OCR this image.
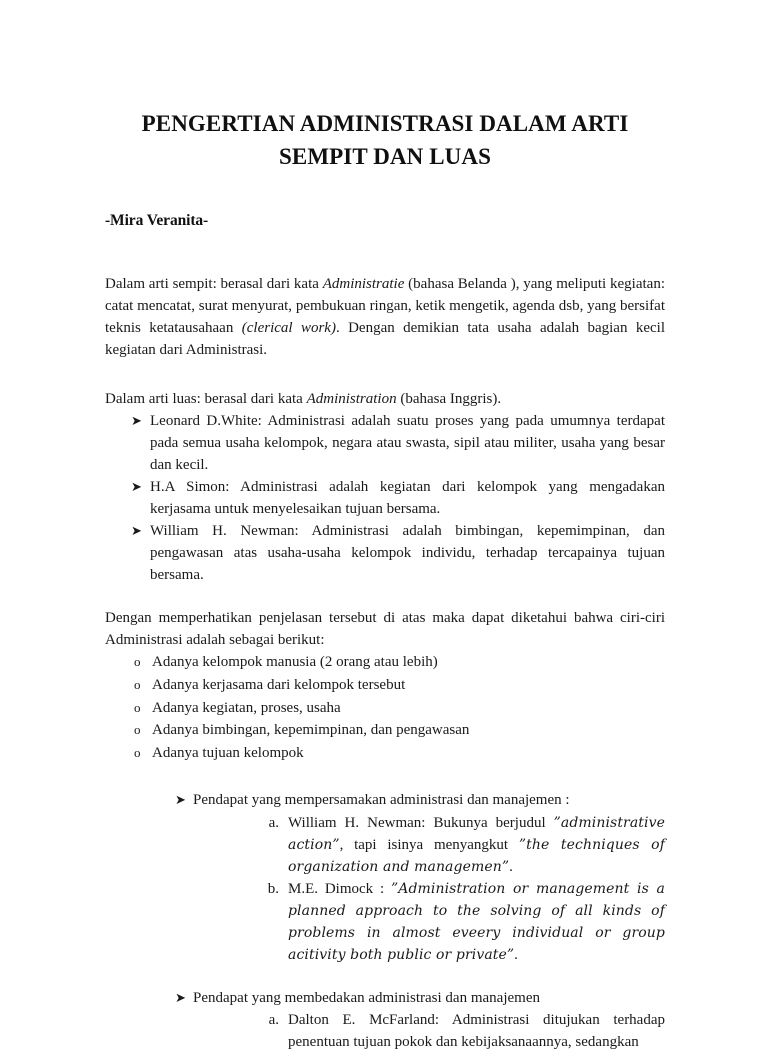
PENGERTIAN ADMINISTRASI DALAM ARTI SEMPIT DAN LUAS

-Mira Veranita-

Dalam arti sempit: berasal dari kata Administratie (bahasa Belanda ), yang meliputi kegiatan: catat mencatat, surat menyurat, pembukuan ringan, ketik mengetik, agenda dsb, yang bersifat teknis ketatausahaan (clerical work). Dengan demikian tata usaha adalah bagian kecil kegiatan dari Administrasi.

Dalam arti luas: berasal dari kata Administration (bahasa Inggris).

➤ Leonard D.White: Administrasi adalah suatu proses yang pada umumnya terdapat pada semua usaha kelompok, negara atau swasta, sipil atau militer, usaha yang besar dan kecil.
➤ H.A Simon: Administrasi adalah kegiatan dari kelompok yang mengadakan kerjasama untuk menyelesaikan tujuan bersama.
➤ William H. Newman: Administrasi adalah bimbingan, kepemimpinan, dan pengawasan atas usaha-usaha kelompok individu, terhadap tercapainya tujuan bersama.

Dengan memperhatikan penjelasan tersebut di atas maka dapat diketahui bahwa ciri-ciri Administrasi adalah sebagai berikut:

o Adanya kelompok manusia (2 orang atau lebih)
o Adanya kerjasama dari kelompok tersebut
o Adanya kegiatan, proses, usaha
o Adanya bimbingan, kepemimpinan, dan pengawasan
o Adanya tujuan kelompok
➤ Pendapat yang mempersamakan administrasi dan manajemen :
a. William H. Newman: Bukunya berjudul ”administrative action”, tapi isinya menyangkut ”the techniques of organization and managemen”.
b. M.E. Dimock : ”Administration or management is a planned approach to the solving of all kinds of problems in almost eveery individual or group acitivity both public or private”.
➤ Pendapat yang membedakan administrasi dan manajemen
a. Dalton E. McFarland: Administrasi ditujukan terhadap penentuan tujuan pokok dan kebijaksanaannya, sedangkan
